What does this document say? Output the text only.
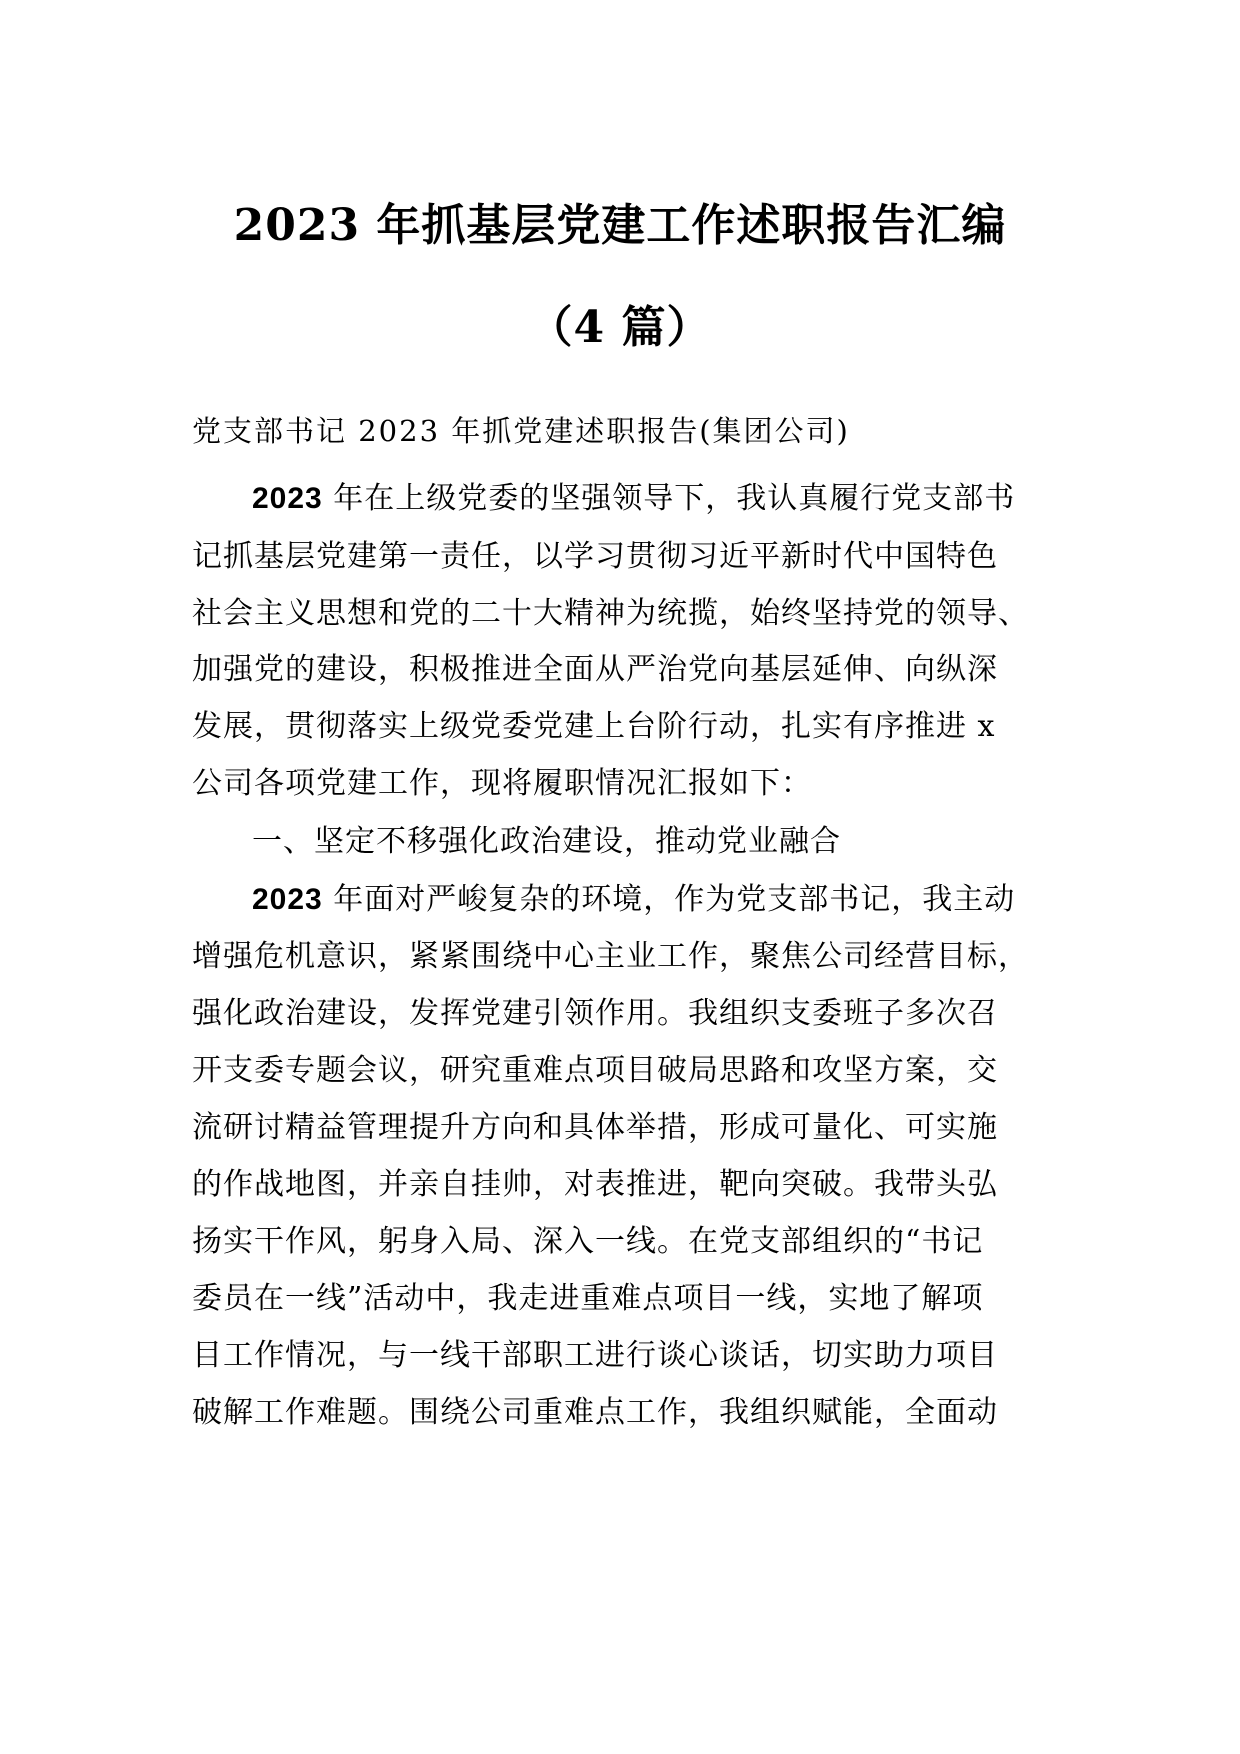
2023 年抓基层党建工作述职报告汇编
（4 篇）
党支部书记 2023 年抓党建述职报告(集团公司)
2023 年在上级党委的坚强领导下，我认真履行党支部书
记抓基层党建第一责任，以学习贯彻习近平新时代中国特色
社会主义思想和党的二十大精神为统揽，始终坚持党的领导、
加强党的建设，积极推进全面从严治党向基层延伸、向纵深
发展，贯彻落实上级党委党建上台阶行动，扎实有序推进 x
公司各项党建工作，现将履职情况汇报如下：
一、坚定不移强化政治建设，推动党业融合
2023 年面对严峻复杂的环境，作为党支部书记，我主动
增强危机意识，紧紧围绕中心主业工作，聚焦公司经营目标，
强化政治建设，发挥党建引领作用。我组织支委班子多次召
开支委专题会议，研究重难点项目破局思路和攻坚方案，交
流研讨精益管理提升方向和具体举措，形成可量化、可实施
的作战地图，并亲自挂帅，对表推进，靶向突破。我带头弘
扬实干作风，躬身入局、深入一线。在党支部组织的“书记
委员在一线”活动中，我走进重难点项目一线，实地了解项
目工作情况，与一线干部职工进行谈心谈话，切实助力项目
破解工作难题。围绕公司重难点工作，我组织赋能，全面动
